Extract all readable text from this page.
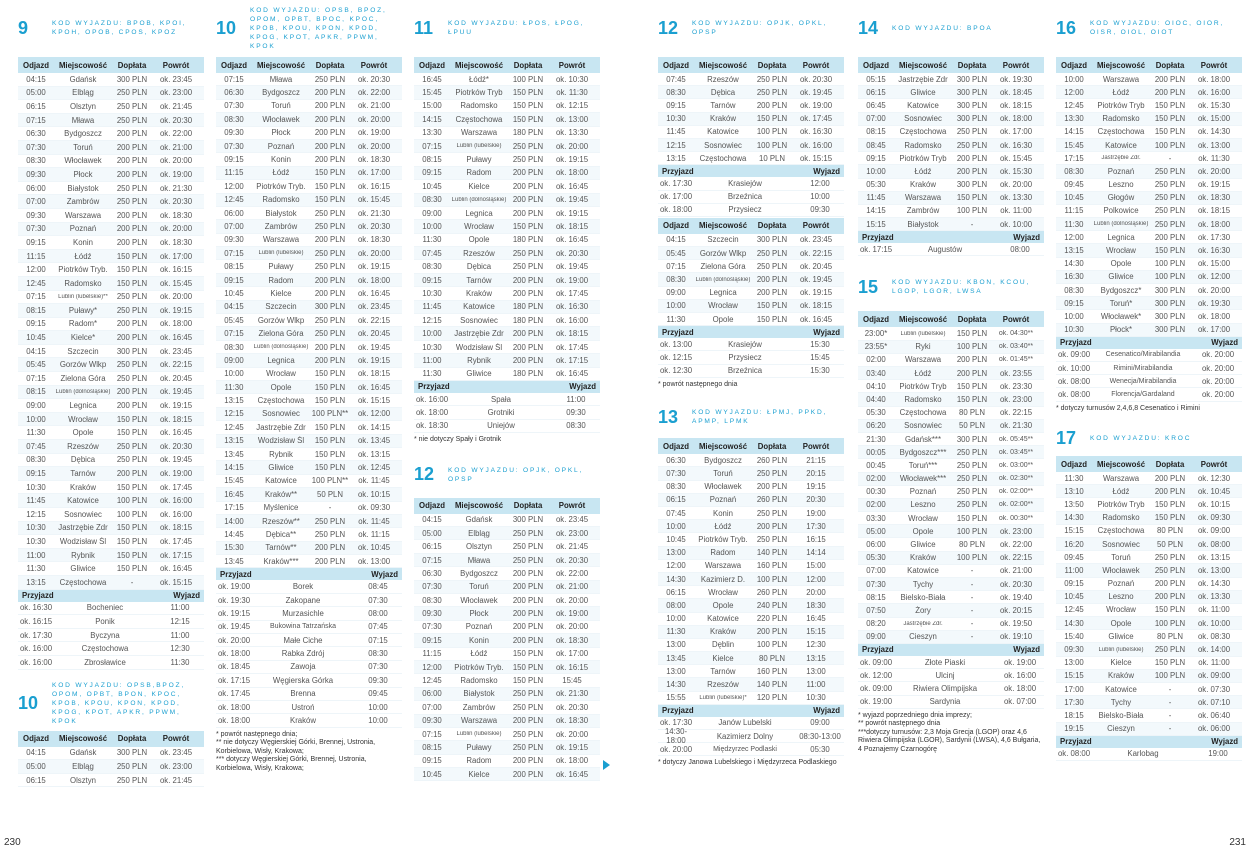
9	KOD WYJAZDU: BPOB, KPOI, KPOH, OPOB, CPOS, KPOZ
Odjazd	Miejscowość	Dopłata	Powrót
04:15	Gdańsk	300 PLN	ok. 23:45
05:00	Elbląg	250 PLN	ok. 23:00
06:15	Olsztyn	250 PLN	ok. 21:45
07:15	Mława	250 PLN	ok. 20:30
06:30	Bydgoszcz	200 PLN	ok. 22:00
07:30	Toruń	200 PLN	ok. 21:00
08:30	Włocławek	200 PLN	ok. 20:00
09:30	Płock	200 PLN	ok. 19:00
06:00	Białystok	250 PLN	ok. 21:30
07:00	Zambrów	250 PLN	ok. 20:30
09:30	Warszawa	200 PLN	ok. 18:30
07:30	Poznań	200 PLN	ok. 20:00
09:15	Konin	200 PLN	ok. 18:30
11:15	Łódź	150 PLN	ok. 17:00
12:00	Piotrków Tryb.	150 PLN	ok. 16:15
12:45	Radomsko	150 PLN	ok. 15:45
07:15	Lublin (lubelskie)**	250 PLN	ok. 20:00
08:15	Puławy*	250 PLN	ok. 19:15
09:15	Radom*	200 PLN	ok. 18:00
10:45	Kielce*	200 PLN	ok. 16:45
04:15	Szczecin	300 PLN	ok. 23:45
05:45	Gorzów Wlkp	250 PLN	ok. 22:15
07:15	Zielona Góra	250 PLN	ok. 20:45
08:15	Lublin (dolnośląskie) 200 PLN	ok. 19:45
09:00	Legnica	200 PLN	ok. 19:15
10:00	Wrocław	150 PLN	ok. 18:15
11:30	Opole	150 PLN	ok. 16:45
07:45	Rzeszów	250 PLN	ok. 20:30
08:30	Dębica	250 PLN	ok. 19:45
09:15	Tarnów	200 PLN	ok. 19:00
10:30	Kraków	150 PLN	ok. 17:45
11:45	Katowice	100 PLN	ok. 16:00
12:15	Sosnowiec	100 PLN	ok. 16:00
10:30	Jastrzębie Zdr	150 PLN	ok. 18:15
10:30	Wodzisław Śl	150 PLN	ok. 17:45
11:00	Rybnik	150 PLN	ok. 17:15
11:30	Gliwice	150 PLN	ok. 16:45
13:15	Częstochowa	-	ok. 15:15
Przyjazd	Wyjazd
ok. 16:30	Bocheniec	11:00
ok. 16:15	Ponik	12:15
ok. 17:30	Byczyna	11:00
ok. 16:00	Częstochowa	12:30
ok. 16:00	Zbrosławice	11:30
10
KOD WYJAZDU: OPSB,BPOZ, OPOM, OPBT, BPON, KPOC, KPOB, KPOU, KPON, KPOD, KPOG, KPOT, APKR, PPWM, KPOK
Odjazd	Miejscowość	Dopłata	Powrót
04:15	Gdańsk	300 PLN	ok. 23:45
05:00	Elbląg	250 PLN	ok. 23:00
06:15	Olsztyn	250 PLN	ok. 21:45
10
KOD WYJAZDU: OPSB, BPOZ, OPOM, OPBT, BPOC, KPOC, KPOB, KPOU, KPON, KPOD, KPOG, KPOT, APKR, PPWM, KPOK
Odjazd	Miejscowość	Dopłata	Powrót
07:15	Mława	250 PLN	ok. 20:30
06:30	Bydgoszcz	200 PLN	ok. 22:00
07:30	Toruń	200 PLN	ok. 21:00
08:30	Włocławek	200 PLN	ok. 20:00
09:30	Płock	200 PLN	ok. 19:00
07:30	Poznań	200 PLN	ok. 20:00
09:15	Konin	200 PLN	ok. 18:30
11:15	Łódź	150 PLN	ok. 17:00
12:00	Piotrków Tryb.	150 PLN	ok. 16:15
12:45	Radomsko	150 PLN	ok. 15:45
06:00	Białystok	250 PLN	ok. 21:30
07:00	Zambrów	250 PLN	ok. 20:30
09:30	Warszawa	200 PLN	ok. 18:30
07:15	Lublin (lubelskie)	250 PLN	ok. 20:00
08:15	Puławy	250 PLN	ok. 19:15
09:15	Radom	200 PLN	ok. 18:00
10:45	Kielce	200 PLN	ok. 16:45
04:15	Szczecin	300 PLN	ok. 23:45
05:45	Gorzów Wlkp	250 PLN	ok. 22:15
07:15	Zielona Góra	250 PLN	ok. 20:45
08:30	Lublin (dolnośląskie) 200 PLN	ok. 19:45
09:00	Legnica	200 PLN	ok. 19:15
10:00	Wrocław	150 PLN	ok. 18:15
11:30	Opole	150 PLN	ok. 16:45
13:15	Częstochowa	150 PLN	ok. 15:15
12:15	Sosnowiec	100 PLN**	ok. 12:00
12:45	Jastrzębie Zdr	150 PLN	ok. 14:15
13:15	Wodzisław Śl	150 PLN	ok. 13:45
13:45	Rybnik	150 PLN	ok. 13:15
14:15	Gliwice	150 PLN	ok. 12:45
15:45	Katowice	100 PLN**	ok. 11:45
16:45	Kraków**	50 PLN	ok. 10:15
17:15	Myślenice	-	ok. 09:30
14:00	Rzeszów**	250 PLN	ok. 11:45
14:45	Dębica**	250 PLN	ok. 11:15
15:30	Tarnów**	200 PLN	ok. 10:45
13:45	Kraków***	200 PLN	ok. 13:00
Przyjazd	Wyjazd
ok. 19:00	Borek	08:45
ok. 19:30	Zakopane	07:30
ok. 19:15	Murzasichle	08:00
ok. 19:45	Bukowina Tatrzańska	07:45
ok. 20:00	Małe Ciche	07:15
ok. 18:00	Rabka Zdrój	08:30
ok. 18:45	Zawoja	07:30
ok. 17:15	Węgierska Górka	09:30
ok. 17:45	Brenna	09:45
ok. 18:00	Ustroń	10:00
ok. 18:00	Kraków	10:00
* powrót następnego dnia;
** nie dotyczy Węgierskiej Górki, Brennej, Ustronia, Korbielowa, Wisły, Krakowa;
*** dotyczy Węgierskiej Górki, Brennej, Ustronia, Korbielowa, Wisły, Krakowa;
11	KOD WYJAZDU: ŁPOS, ŁPOG, ŁPUU
Odjazd	Miejscowość	Dopłata	Powrót
16:45	Łódź*	100 PLN	ok. 10:30
15:45	Piotrków Tryb	150 PLN	ok. 11:30
15:00	Radomsko	150 PLN	ok. 12:15
14:15	Częstochowa	150 PLN	ok. 13:00
13:30	Warszawa	180 PLN	ok. 13:30
07:15	Lublin (lubelskie)	250 PLN	ok. 20:00
08:15	Puławy	250 PLN	ok. 19:15
09:15	Radom	200 PLN	ok. 18:00
10:45	Kielce	200 PLN	ok. 16:45
08:30	Lublin (dolnośląskie) 200 PLN	ok. 19:45
09:00	Legnica	200 PLN	ok. 19:15
10:00	Wrocław	150 PLN	ok. 18:15
11:30	Opole	180 PLN	ok. 16:45
07:45	Rzeszów	250 PLN	ok. 20:30
08:30	Dębica	250 PLN	ok. 19:45
09:15	Tarnów	200 PLN	ok. 19:00
10:30	Kraków	200 PLN	ok. 17:45
11:45	Katowice	180 PLN	ok. 16:30
12:15	Sosnowiec	180 PLN	ok. 16:00
10:00	Jastrzębie Zdr	200 PLN	ok. 18:15
10:30	Wodzisław Śl	200 PLN	ok. 17:45
11:00	Rybnik	200 PLN	ok. 17:15
11:30	Gliwice	180 PLN	ok. 16:45
Przyjazd	Wyjazd
ok. 16:00	Spała	11:00
ok. 18:00	Grotniki	09:30
ok. 18:30	Uniejów	08:30
* nie dotyczy Spały i Grotnik
12	KOD WYJAZDU: OPJK, OPKL, OPSP
Odjazd	Miejscowość	Dopłata	Powrót
04:15	Gdańsk	300 PLN	ok. 23:45
05:00	Elbląg	250 PLN	ok. 23:00
06:15	Olsztyn	250 PLN	ok. 21:45
07:15	Mława	250 PLN	ok. 20:30
06:30	Bydgoszcz	200 PLN	ok. 22:00
07:30	Toruń	200 PLN	ok. 21:00
08:30	Włocławek	200 PLN	ok. 20:00
09:30	Płock	200 PLN	ok. 19:00
07:30	Poznań	200 PLN	ok. 20:00
09:15	Konin	200 PLN	ok. 18:30
11:15	Łódź	150 PLN	ok. 17:00
12:00	Piotrków Tryb.	150 PLN	ok. 16:15
12:45	Radomsko	150 PLN	15:45
06:00	Białystok	250 PLN	ok. 21:30
07:00	Zambrów	250 PLN	ok. 20:30
09:30	Warszawa	200 PLN	ok. 18:30
07:15	Lublin (lubelskie)	250 PLN	ok. 20:00
08:15	Puławy	250 PLN	ok. 19:15
09:15	Radom	200 PLN	ok. 18:00
10:45	Kielce	200 PLN	ok. 16:45
12	KOD WYJAZDU: OPJK, OPKL, OPSP
Odjazd	Miejscowość	Dopłata	Powrót
07:45	Rzeszów	250 PLN	ok. 20:30
08:30	Dębica	250 PLN	ok. 19:45
09:15	Tarnów	200 PLN	ok. 19:00
10:30	Kraków	150 PLN	ok. 17:45
11:45	Katowice	100 PLN	ok. 16:30
12:15	Sosnowiec	100 PLN	ok. 16:00
13:15	Częstochowa	10 PLN	ok. 15:15
Przyjazd	Wyjazd
ok. 17:30	Krasiejów	12:00
ok. 17:00	Brzeźnica	10:00
ok. 18:00	Przysiecz	09:30
Odjazd	Miejscowość	Dopłata	Powrót
04:15	Szczecin	300 PLN	ok. 23:45
05:45	Gorzów Wlkp	250 PLN	ok. 22:15
07:15	Zielona Góra	250 PLN	ok. 20:45
08:30	Lublin (dolnośląskie) 200 PLN	ok. 19:45
09:00	Legnica	200 PLN	ok. 19:15
10:00	Wrocław	150 PLN	ok. 18:15
11:30	Opole	150 PLN	ok. 16:45
Przyjazd	Wyjazd
ok. 13:00	Krasiejów	15:30
ok. 12:15	Przysiecz	15:45
ok. 12:30	Brzeźnica	15:30
* powrót następnego dnia
13	KOD WYJAZDU: ŁPMJ, PPKD, APMP, LPMK
Odjazd	Miejscowość	Dopłata	Powrót
06:30	Bydgoszcz	260 PLN	21:15
07:30	Toruń	250 PLN	20:15
08:30	Włocławek	200 PLN	19:15
06:15	Poznań	260 PLN	20:30
07:45	Konin	250 PLN	19:00
10:00	Łódź	200 PLN	17:30
10:45	Piotrków Tryb.	250 PLN	16:15
13:00	Radom	140 PLN	14:14
12:00	Warszawa	160 PLN	15:00
14:30	Kazimierz D.	100 PLN	12:00
06:15	Wrocław	260 PLN	20:00
08:00	Opole	240 PLN	18:30
10:00	Katowice	220 PLN	16:45
11:30	Kraków	200 PLN	15:15
13:00	Dęblin	100 PLN	12:30
13:45	Kielce	80 PLN	13:15
13:00	Tarnów	160 PLN	13:00
14:30	Rzeszów	140 PLN	11:00
15:55	Lublin (lubelskie)*	120 PLN	10:30
Przyjazd	Wyjazd
ok. 17:30	Janów Lubelski	09:00
14:30-18:00	Kazimierz Dolny	08:30-13:00
ok. 20:00	Międzyrzec Podlaski	05:30
* dotyczy Janowa Lubelskiego i Międzyrzeca Podlaskiego
14	KOD WYJAZDU: BPOA
Odjazd	Miejscowość	Dopłata	Powrót
05:15	Jastrzębie Zdr	300 PLN	ok. 19:30
06:15	Gliwice	300 PLN	ok. 18:45
06:45	Katowice	300 PLN	ok. 18:15
07:00	Sosnowiec	300 PLN	ok. 18:00
08:15	Częstochowa	250 PLN	ok. 17:00
08:45	Radomsko	250 PLN	ok. 16:30
09:15	Piotrków Tryb	200 PLN	ok. 15:45
10:00	Łódź	200 PLN	ok. 15:30
05:30	Kraków	300 PLN	ok. 20:00
11:45	Warszawa	150 PLN	ok. 13:30
14:15	Zambrów	100 PLN	ok. 11:00
15:15	Białystok	-	ok. 10:00
Przyjazd	Wyjazd
ok. 17:15	Augustów	08:00
15	KOD WYJAZDU: KBON, KCOU, LGOP, LGOR, LWSA
Odjazd	Miejscowość	Dopłata	Powrót
23:00*	Lublin (lubelskie)	150 PLN	ok. 04:30**
23:55*	Ryki	100 PLN	ok. 03:40**
02:00	Warszawa	200 PLN	ok. 01:45**
03:40	Łódź	200 PLN	ok. 23:55
04:10	Piotrków Tryb	150 PLN	ok. 23:30
04:40	Radomsko	150 PLN	ok. 23:00
05:30	Częstochowa	80 PLN	ok. 22:15
06:20	Sosnowiec	50 PLN	ok. 21:30
21:30	Gdańsk***	300 PLN	ok. 05:45**
00:05	Bydgoszcz***	250 PLN	ok. 03:45**
00:45	Toruń***	250 PLN	ok. 03:00**
02:00	Włocławek***	250 PLN	ok. 02:30**
00:30	Poznań	250 PLN	ok. 02:00**
02:00	Leszno	250 PLN	ok. 02:00**
03:30	Wrocław	150 PLN	ok. 00:30**
05:00	Opole	100 PLN	ok. 23:00
06:00	Gliwice	80 PLN	ok. 22:00
05:30	Kraków	100 PLN	ok. 22:15
07:00	Katowice	-	ok. 21:00
07:30	Tychy	-	ok. 20:30
08:15	Bielsko-Biała	-	ok. 19:40
07:50	Żory	-	ok. 20:15
08:20	Jastrzębie Zdr.	-	ok. 19:50
09:00	Cieszyn	-	ok. 19:10
Przyjazd	Wyjazd
ok. 09:00	Złote Piaski	ok. 19:00
ok. 12:00	Ulcinj	ok. 16:00
ok. 09:00	Riwiera Olimpijska	ok. 18:00
ok. 19:00	Sardynia	ok. 07:00
* wyjazd poprzedniego dnia imprezy;
** powrót następnego dnia
***dotyczy turnusów: 2,3 Moja Grecja (LGOP) oraz 4,6 Riwiera Olimpijska (LGOR), Sardynii (LWSA), 4,6 Bułgaria, 4 Poznajemy Czarnogórę
16	KOD WYJAZDU: OIOC, OIOR, OISR, OIOL, OIOT
Odjazd	Miejscowość	Dopłata	Powrót
10:00	Warszawa	200 PLN	ok. 18:00
12:00	Łódź	200 PLN	ok. 16:00
12:45	Piotrków Tryb	150 PLN	ok. 15:30
13:30	Radomsko	150 PLN	ok. 15:00
14:15	Częstochowa	150 PLN	ok. 14:30
15:45	Katowice	100 PLN	ok. 13:00
17:15	Jastrzębie Zdr.	-	ok. 11:30
08:30	Poznań	250 PLN	ok. 20:00
09:45	Leszno	250 PLN	ok. 19:15
10:45	Głogów	250 PLN	ok. 18:30
11:15	Polkowice	250 PLN	ok. 18:15
11:30	Lublin (dolnośląskie) 250 PLN	ok. 18:00
12:00	Legnica	200 PLN	ok. 17:30
13:15	Wrocław	150 PLN	ok. 16:30
14:30	Opole	100 PLN	ok. 15:00
16:30	Gliwice	100 PLN	ok. 12:00
08:30	Bydgoszcz*	300 PLN	ok. 20:00
09:15	Toruń*	300 PLN	ok. 19:30
10:00	Włocławek*	300 PLN	ok. 18:00
10:30	Płock*	300 PLN	ok. 17:00
Przyjazd	Wyjazd
ok. 09:00	Cesenatico/Mirabilandia	ok. 20:00
ok. 10:00	Rimini/Mirabilandia	ok. 20:00
ok. 08:00	Wenecja/Mirabilandia	ok. 20:00
ok. 08:00	Florencja/Gardaland	ok. 20:00
* dotyczy turnusów 2,4,6,8 Cesenatico i Rimini
17	KOD WYJAZDU: KROC
Odjazd	Miejscowość	Dopłata	Powrót
11:30	Warszawa	200 PLN	ok. 12:30
13:10	Łódź	200 PLN	ok. 10:45
13:50	Piotrków Tryb	150 PLN	ok. 10:15
14:30	Radomsko	150 PLN	ok. 09:30
15:15	Częstochowa	80 PLN	ok. 09:00
16:20	Sosnowiec	50 PLN	ok. 08:00
09:45	Toruń	250 PLN	ok. 13:15
11:00	Włocławek	250 PLN	ok. 13:00
09:15	Poznań	200 PLN	ok. 14:30
10:45	Leszno	200 PLN	ok. 13:30
12:45	Wrocław	150 PLN	ok. 11:00
14:30	Opole	100 PLN	ok. 10:00
15:40	Gliwice	80 PLN	ok. 08:30
09:30	Lublin (lubelskie)	250 PLN	ok. 14:00
13:00	Kielce	150 PLN	ok. 11:00
15:15	Kraków	100 PLN	ok. 09:00
17:00	Katowice	-	ok. 07:30
17:30	Tychy	-	ok. 07:10
18:15	Bielsko-Biała	-	ok. 06:40
19:15	Cieszyn	-	ok. 06:00
Przyjazd	Wyjazd
ok. 08:00	Karlobag	19:00
230	231
